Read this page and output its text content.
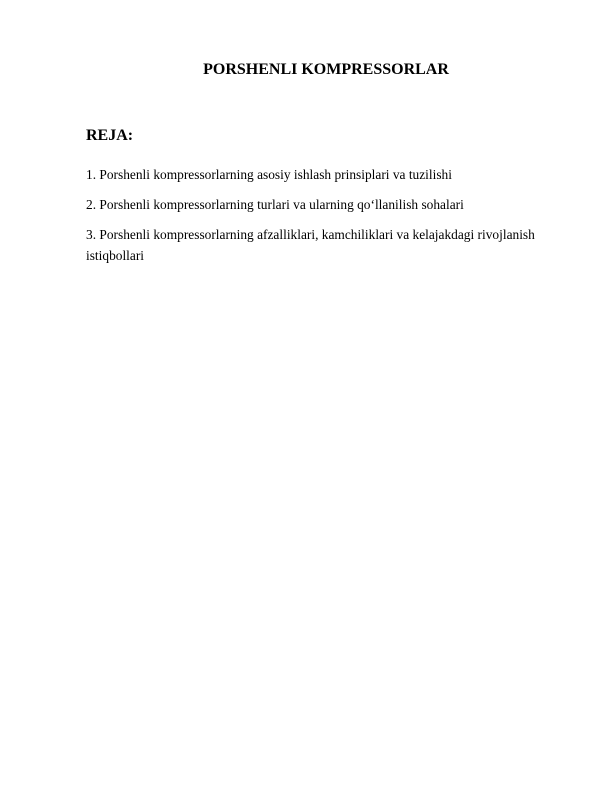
PORSHENLI KOMPRESSORLAR
REJA:
1. Porshenli kompressorlarning asosiy ishlash prinsiplari va tuzilishi
2. Porshenli kompressorlarning turlari va ularning qo‘llanilish sohalari
3. Porshenli kompressorlarning afzalliklari, kamchiliklari va kelajakdagi rivojlanish istiqbollari
